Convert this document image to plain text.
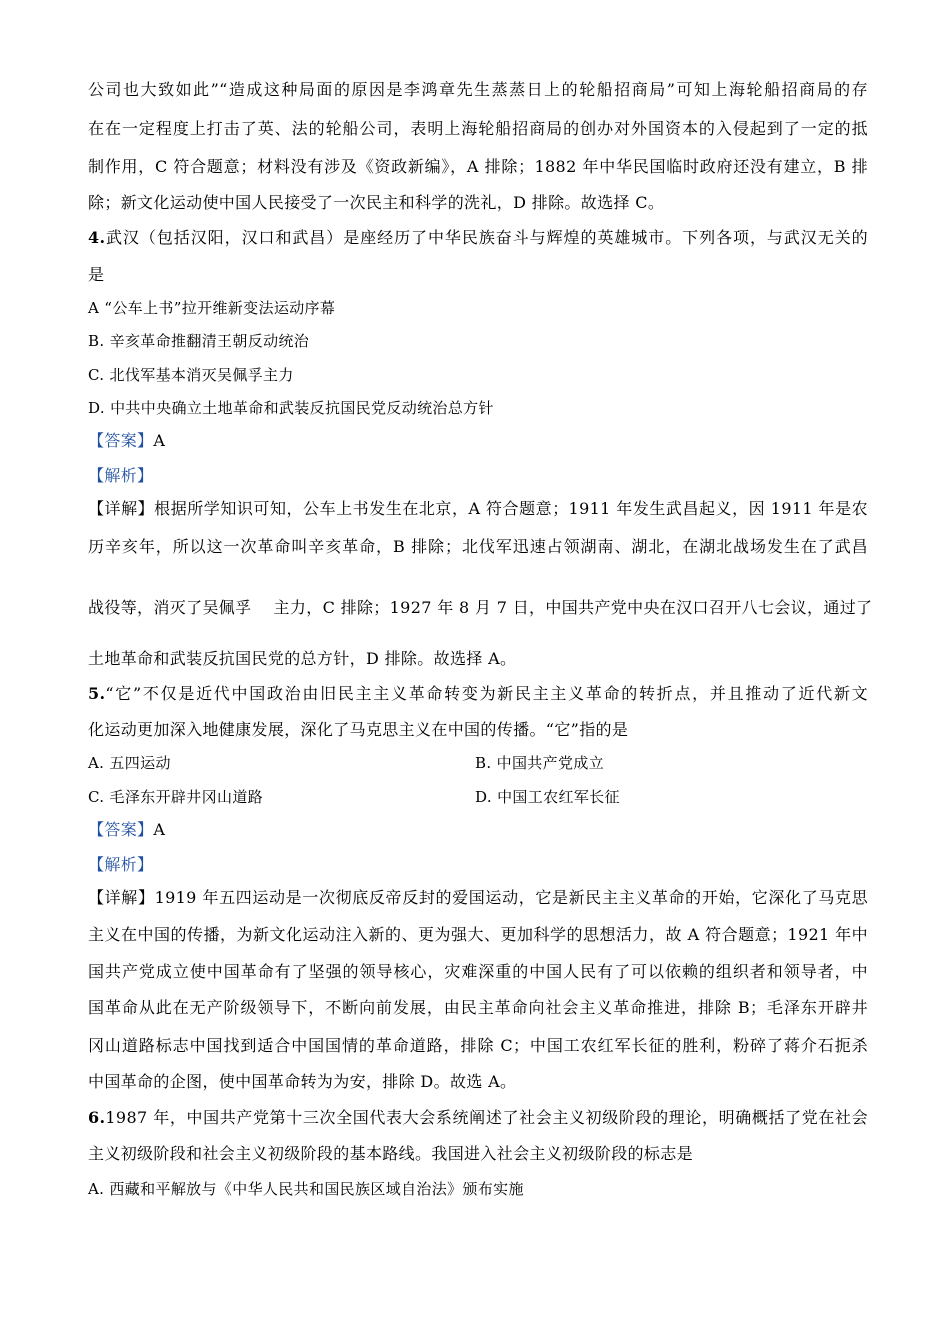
公司也大致如此”“造成这种局面的原因是李鸿章先生蒸蒸日上的轮船招商局”可知上海轮船招商局的存
在在一定程度上打击了英、法的轮船公司，表明上海轮船招商局的创办对外国资本的入侵起到了一定的抵
制作用，C 符合题意；材料没有涉及《资政新编》，A 排除；1882 年中华民国临时政府还没有建立，B 排
除；新文化运动使中国人民接受了一次民主和科学的洗礼，D 排除。故选择 C。
4.武汉（包括汉阳，汉口和武昌）是座经历了中华民族奋斗与辉煌的英雄城市。下列各项，与武汉无关的
是
A “公车上书”拉开维新变法运动序幕
B. 辛亥革命推翻清王朝反动统治
C. 北伐军基本消灭吴佩孚主力
D. 中共中央确立土地革命和武装反抗国民党反动统治总方针
【答案】A
【解析】
【详解】根据所学知识可知，公车上书发生在北京，A 符合题意；1911 年发生武昌起义，因 1911 年是农
历辛亥年，所以这一次革命叫辛亥革命，B 排除；北伐军迅速占领湖南、湖北，在湖北战场发生在了武昌
战役等，消灭了吴佩孚 主力，C 排除；1927 年 8 月 7 日，中国共产党中央在汉口召开八七会议，通过了
土地革命和武装反抗国民党的总方针，D 排除。故选择 A。
5.“它”不仅是近代中国政治由旧民主主义革命转变为新民主主义革命的转折点，并且推动了近代新文
化运动更加深入地健康发展，深化了马克思主义在中国的传播。“它”指的是
A. 五四运动	B. 中国共产党成立
C. 毛泽东开辟井冈山道路	D. 中国工农红军长征
【答案】A
【解析】
【详解】1919 年五四运动是一次彻底反帝反封的爱国运动，它是新民主主义革命的开始，它深化了马克思
主义在中国的传播，为新文化运动注入新的、更为强大、更加科学的思想活力，故 A 符合题意；1921 年中
国共产党成立使中国革命有了坚强的领导核心，灾难深重的中国人民有了可以依赖的组织者和领导者，中
国革命从此在无产阶级领导下，不断向前发展，由民主革命向社会主义革命推进，排除 B；毛泽东开辟井
冈山道路标志中国找到适合中国国情的革命道路，排除 C；中国工农红军长征的胜利，粉碎了蒋介石扼杀
中国革命的企图，使中国革命转为为安，排除 D。故选 A。
6.1987 年，中国共产党第十三次全国代表大会系统阐述了社会主义初级阶段的理论，明确概括了党在社会
主义初级阶段和社会主义初级阶段的基本路线。我国进入社会主义初级阶段的标志是
A. 西藏和平解放与《中华人民共和国民族区域自治法》颁布实施
